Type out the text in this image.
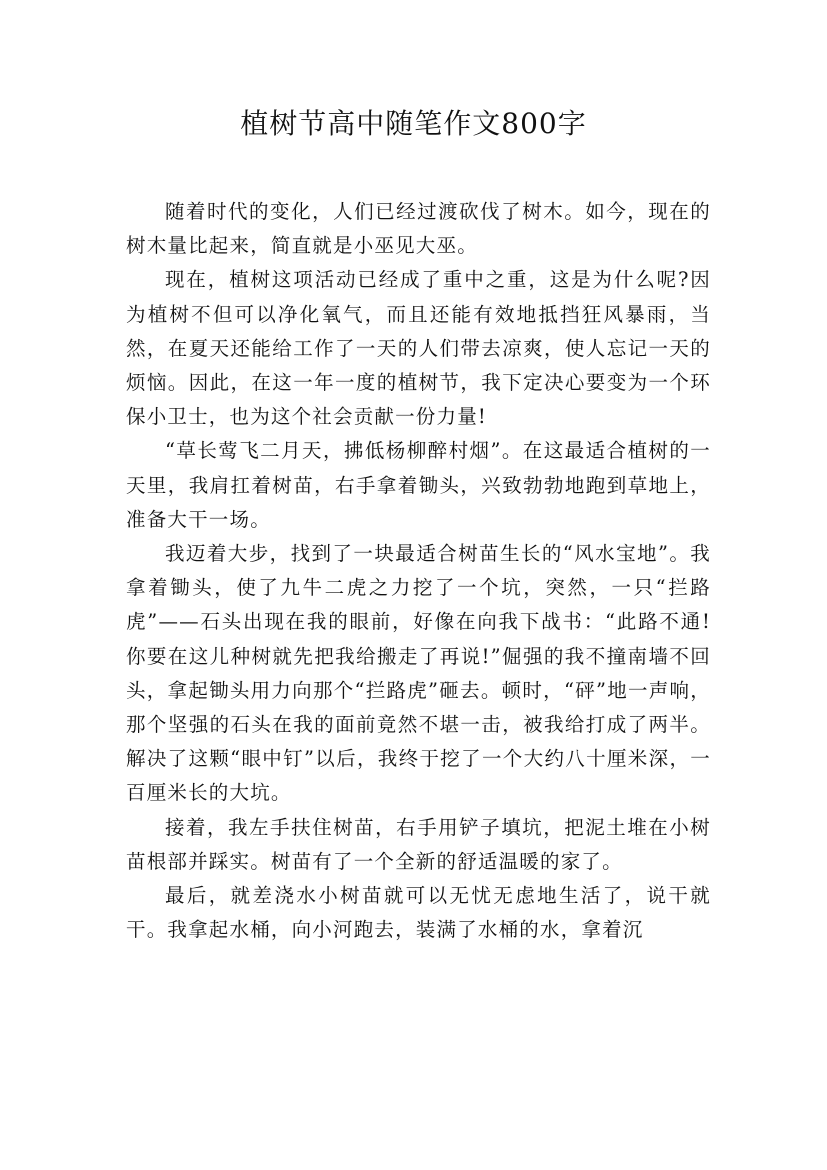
植树节高中随笔作文800字

随着时代的变化，人们已经过渡砍伐了树木。如今，现在的树木量比起来，简直就是小巫见大巫。

现在，植树这项活动已经成了重中之重，这是为什么呢?因为植树不但可以净化氧气，而且还能有效地抵挡狂风暴雨，当然，在夏天还能给工作了一天的人们带去凉爽，使人忘记一天的烦恼。因此，在这一年一度的植树节，我下定决心要变为一个环保小卫士，也为这个社会贡献一份力量!

“草长莺飞二月天，拂低杨柳醉村烟”。在这最适合植树的一天里，我肩扛着树苗，右手拿着锄头，兴致勃勃地跑到草地上，准备大干一场。

我迈着大步，找到了一块最适合树苗生长的“风水宝地”。我拿着锄头，使了九牛二虎之力挖了一个坑，突然，一只“拦路虎”——石头出现在我的眼前，好像在向我下战书：“此路不通!你要在这儿种树就先把我给搬走了再说!”倔强的我不撞南墙不回头，拿起锄头用力向那个“拦路虎”砸去。顿时，“砰”地一声响，那个坚强的石头在我的面前竟然不堪一击，被我给打成了两半。解决了这颗“眼中钉”以后，我终于挖了一个大约八十厘米深，一百厘米长的大坑。

接着，我左手扶住树苗，右手用铲子填坑，把泥土堆在小树苗根部并踩实。树苗有了一个全新的舒适温暖的家了。

最后，就差浇水小树苗就可以无忧无虑地生活了，说干就干。我拿起水桶，向小河跑去，装满了水桶的水，拿着沉
